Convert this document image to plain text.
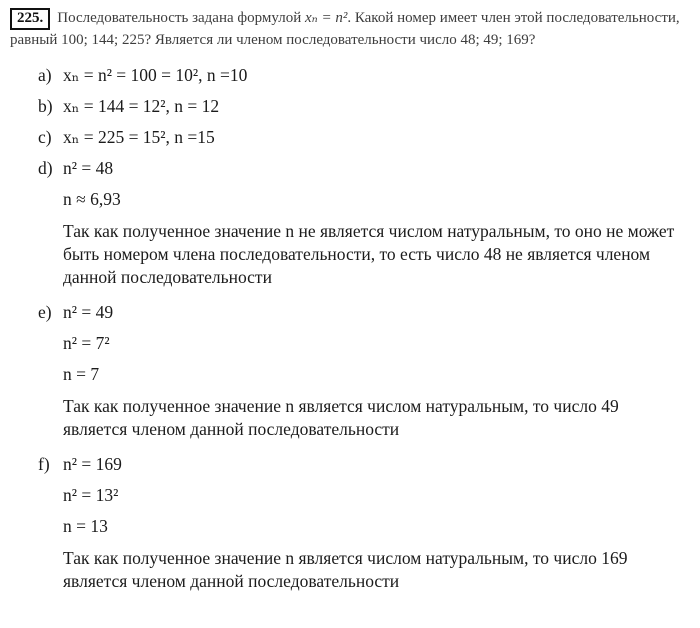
225. Последовательность задана формулой xₙ = n². Какой номер имеет член этой последовательности, равный 100; 144; 225? Является ли членом последовательности число 48; 49; 169?

a) xₙ = n² = 100 = 10², n =10
b) xₙ = 144 = 12², n = 12
c) xₙ = 225 = 15², n =15
d) n² = 48
n ≈ 6,93

Так как полученное значение n не является числом натуральным, то оно не может быть номером члена последовательности, то есть число 48 не является членом данной последовательности

e) n² = 49
n² = 7²
n = 7

Так как полученное значение n является числом натуральным, то число 49 является членом данной последовательности

f) n² = 169
n² = 13²
n = 13

Так как полученное значение n является числом натуральным, то число 169 является членом данной последовательности
